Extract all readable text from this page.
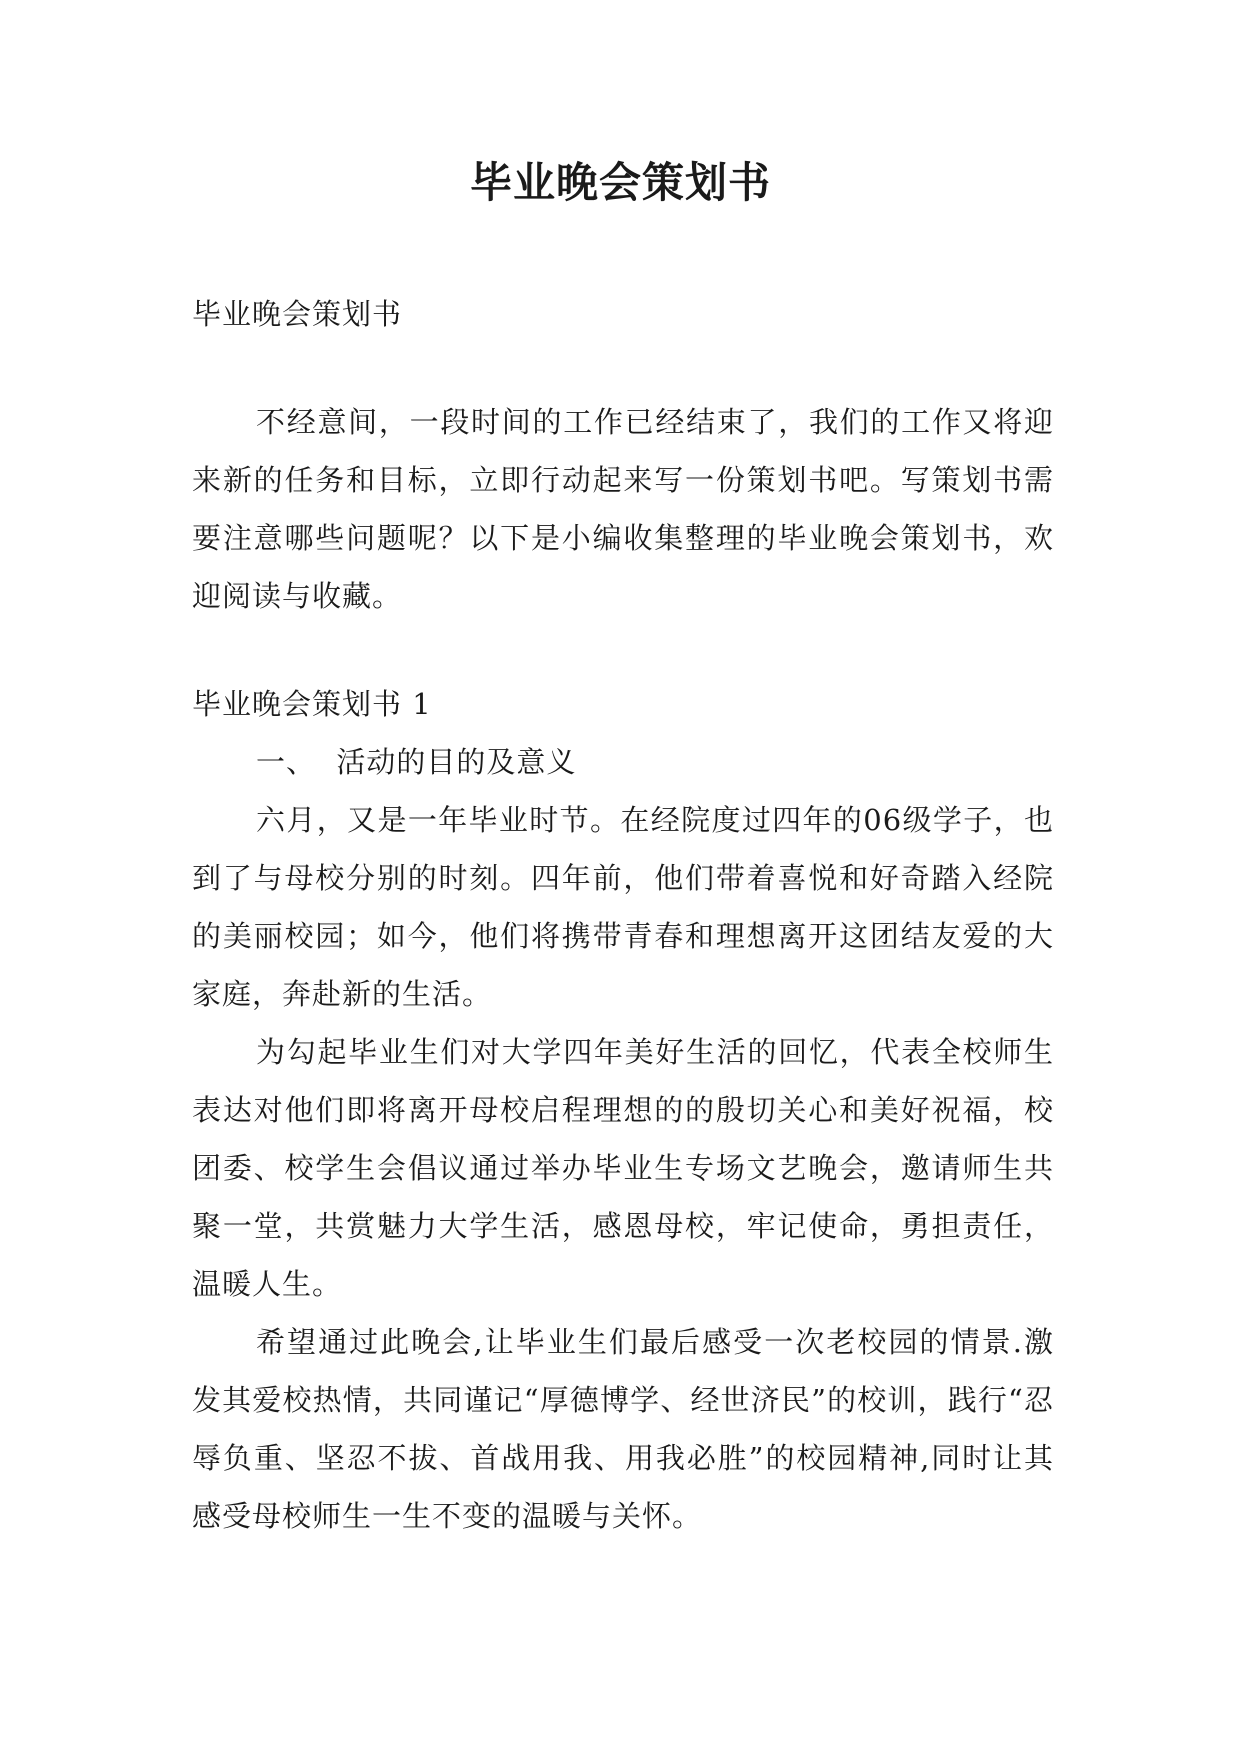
毕业晚会策划书

毕业晚会策划书

不经意间，一段时间的工作已经结束了，我们的工作又将迎来新的任务和目标，立即行动起来写一份策划书吧。写策划书需要注意哪些问题呢？以下是小编收集整理的毕业晚会策划书，欢迎阅读与收藏。

毕业晚会策划书 1

一、  活动的目的及意义

六月，又是一年毕业时节。在经院度过四年的06级学子，也到了与母校分别的时刻。四年前，他们带着喜悦和好奇踏入经院的美丽校园；如今，他们将携带青春和理想离开这团结友爱的大家庭，奔赴新的生活。

为勾起毕业生们对大学四年美好生活的回忆，代表全校师生表达对他们即将离开母校启程理想的的殷切关心和美好祝福，校团委、校学生会倡议通过举办毕业生专场文艺晚会，邀请师生共聚一堂，共赏魅力大学生活，感恩母校，牢记使命，勇担责任，温暖人生。

希望通过此晚会,让毕业生们最后感受一次老校园的情景.激发其爱校热情，共同谨记“厚德博学、经世济民”的校训，践行“忍辱负重、坚忍不拔、首战用我、用我必胜”的校园精神,同时让其感受母校师生一生不变的温暖与关怀。
